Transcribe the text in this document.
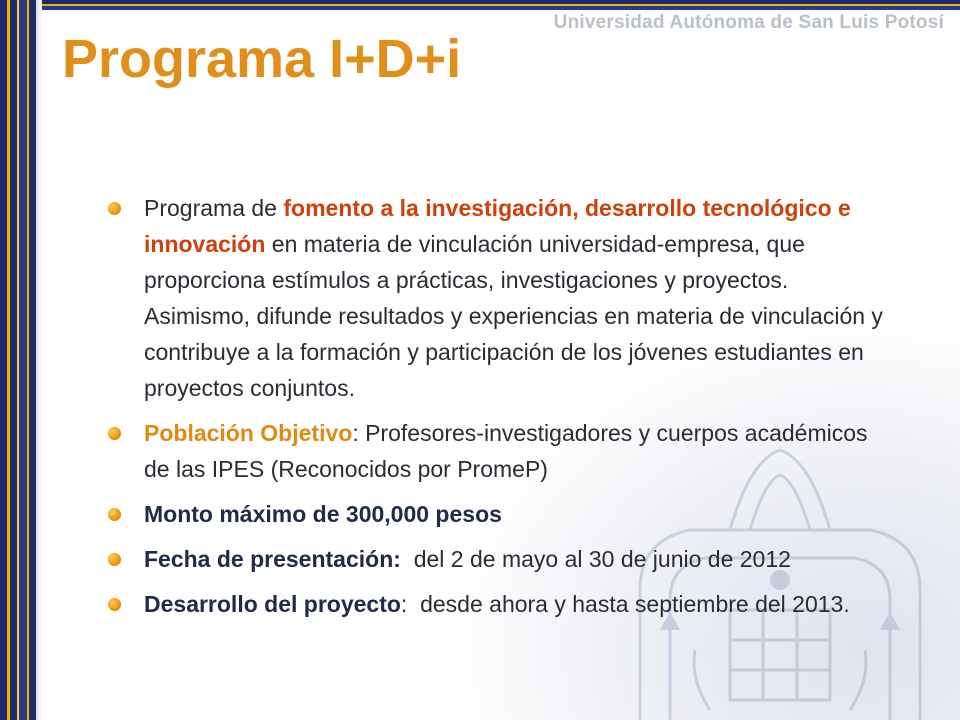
Universidad Autónoma de San Luis Potosí
Programa I+D+i
Programa de fomento a la investigación, desarrollo tecnológico e innovación en materia de vinculación universidad-empresa, que proporciona estímulos a prácticas, investigaciones y proyectos. Asimismo, difunde resultados y experiencias en materia de vinculación y contribuye a la formación y participación de los jóvenes estudiantes en proyectos conjuntos.
Población Objetivo: Profesores-investigadores y cuerpos académicos de las IPES (Reconocidos por PromeP)
Monto máximo de 300,000 pesos
Fecha de presentación:  del 2 de mayo al 30 de junio de 2012
Desarrollo del proyecto:  desde ahora y hasta septiembre del 2013.
